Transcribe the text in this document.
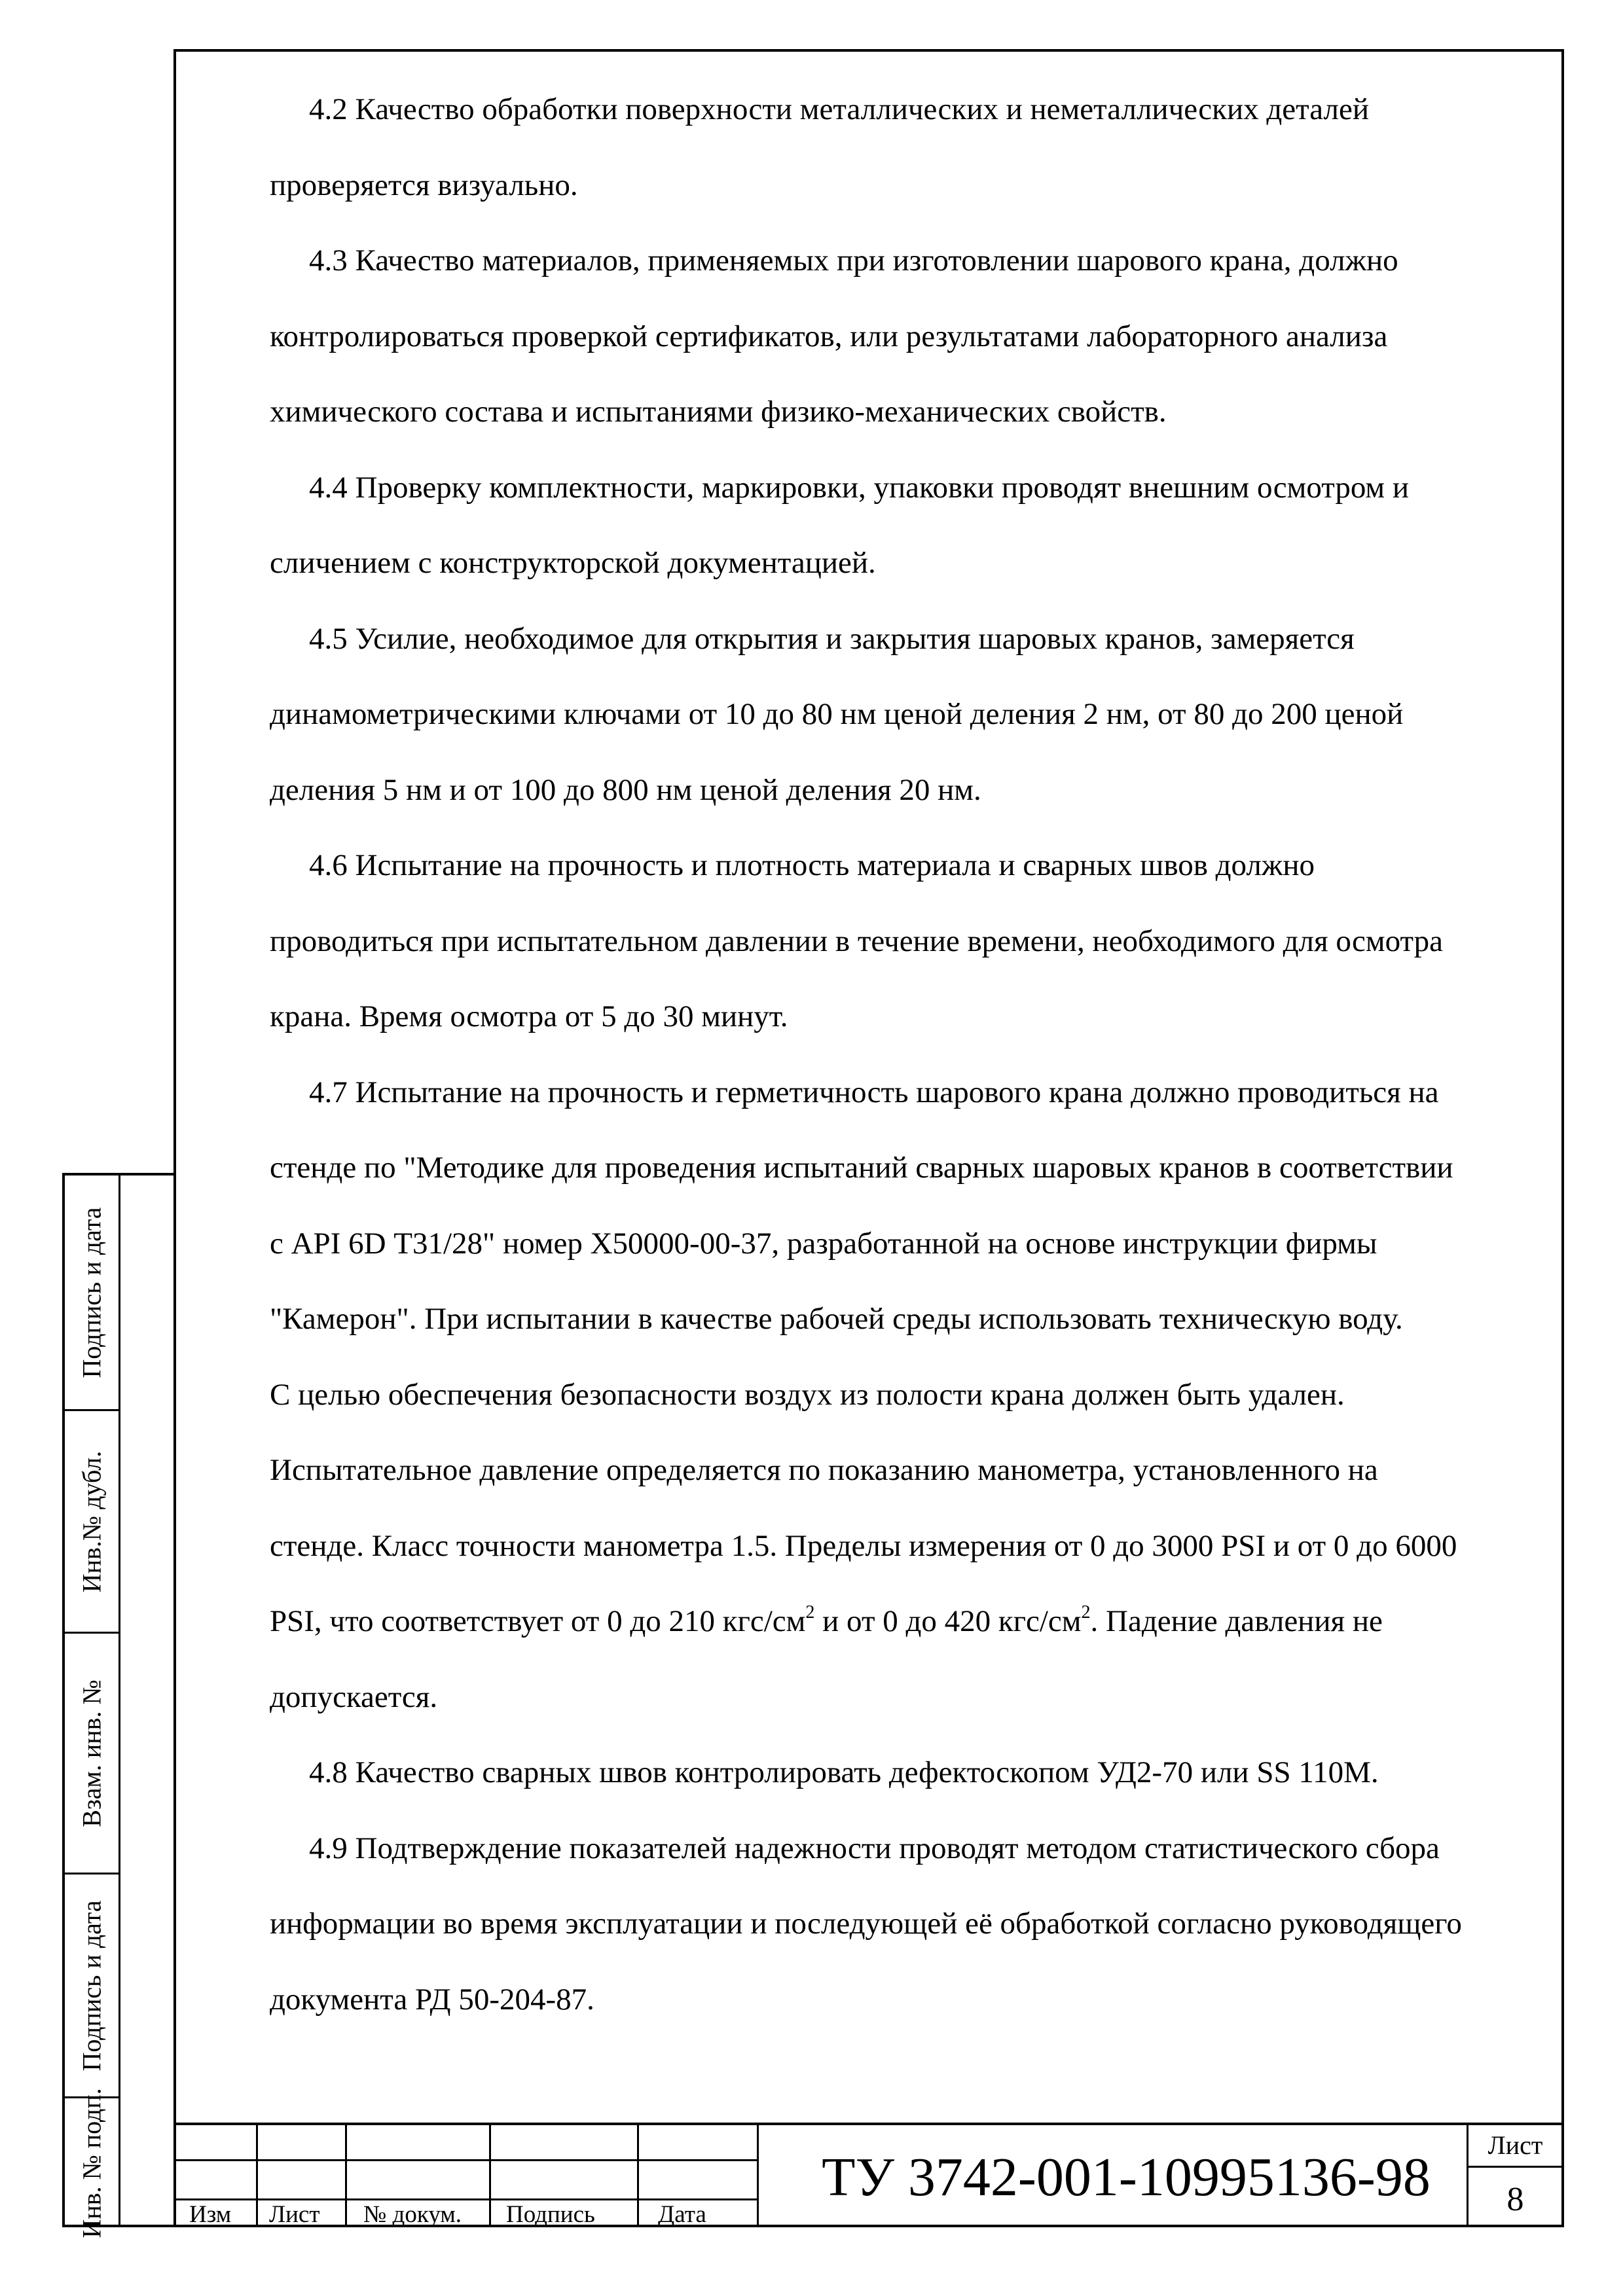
4.2 Качество обработки поверхности металлических и неметаллических деталей
проверяется визуально.
4.3 Качество материалов, применяемых при изготовлении шарового крана, должно
контролироваться проверкой сертификатов, или результатами лабораторного анализа
химического состава и испытаниями физико-механических свойств.
4.4 Проверку комплектности, маркировки, упаковки проводят внешним осмотром и
сличением с конструкторской документацией.
4.5 Усилие, необходимое для открытия и закрытия шаровых кранов, замеряется
динамометрическими ключами от 10 до 80 нм ценой деления 2 нм, от 80 до 200 ценой
деления 5 нм и от 100 до 800 нм ценой деления 20 нм.
4.6 Испытание на прочность и плотность материала и сварных швов должно
проводиться при испытательном давлении в течение времени, необходимого для осмотра
крана. Время осмотра от 5 до 30 минут.
4.7 Испытание на прочность и герметичность шарового крана должно проводиться на
стенде по "Методике для проведения испытаний сварных шаровых кранов в соответствии
с API 6D Т31/28" номер Х50000-00-37, разработанной на основе инструкции фирмы
"Камерон". При испытании в качестве рабочей среды использовать техническую воду.
С целью обеспечения безопасности воздух из полости крана должен быть удален.
Испытательное давление определяется по показанию манометра, установленного на
стенде. Класс точности манометра 1.5. Пределы измерения от 0 до 3000 PSI и от 0 до 6000
PSI, что соответствует от 0 до 210 кгс/$см^2$ и от 0 до 420 кгс/$см^2$. Падение давления не
допускается.
4.8 Качество сварных швов контролировать дефектоскопом УД2-70 или SS 110М.
4.9 Подтверждение показателей надежности проводят методом статистического сбора
информации во время эксплуатации и последующей её обработкой согласно руководящего
документа РД 50-204-87.
Подпись и дата
Инв.№ дубл.
Взам. инв. №
Подпись и дата
Инв. № подп.	Изм Лист № докум. Подпись	Дата
ТУ 3742-001-10995136-98
Лист
8
